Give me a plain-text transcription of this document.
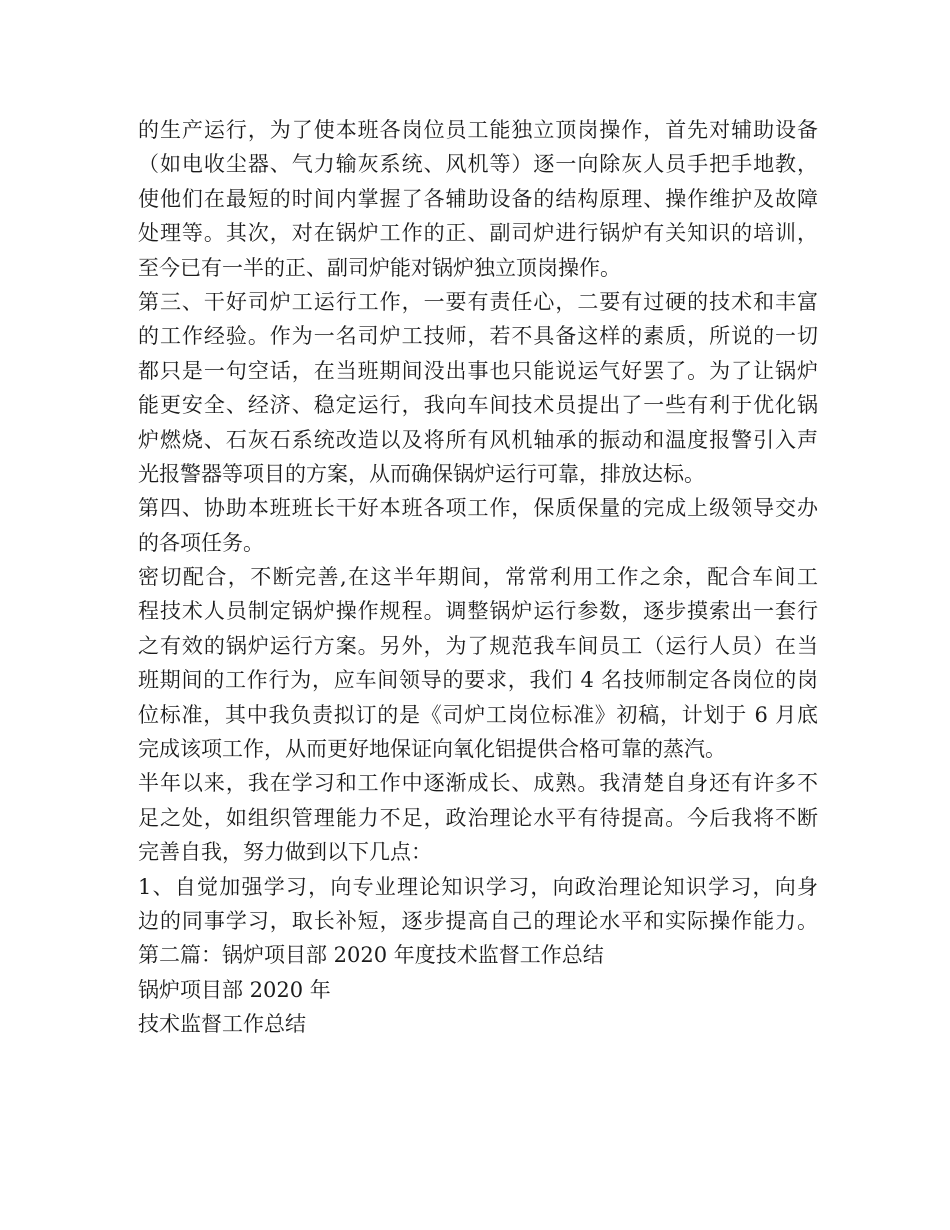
的生产运行，为了使本班各岗位员工能独立顶岗操作，首先对辅助设备
（如电收尘器、气力输灰系统、风机等）逐一向除灰人员手把手地教，
使他们在最短的时间内掌握了各辅助设备的结构原理、操作维护及故障
处理等。其次，对在锅炉工作的正、副司炉进行锅炉有关知识的培训，
至今已有一半的正、副司炉能对锅炉独立顶岗操作。
第三、干好司炉工运行工作，一要有责任心，二要有过硬的技术和丰富
的工作经验。作为一名司炉工技师，若不具备这样的素质，所说的一切
都只是一句空话，在当班期间没出事也只能说运气好罢了。为了让锅炉
能更安全、经济、稳定运行，我向车间技术员提出了一些有利于优化锅
炉燃烧、石灰石系统改造以及将所有风机轴承的振动和温度报警引入声
光报警器等项目的方案，从而确保锅炉运行可靠，排放达标。
第四、协助本班班长干好本班各项工作，保质保量的完成上级领导交办
的各项任务。
密切配合，不断完善,在这半年期间，常常利用工作之余，配合车间工
程技术人员制定锅炉操作规程。调整锅炉运行参数，逐步摸索出一套行
之有效的锅炉运行方案。另外，为了规范我车间员工（运行人员）在当
班期间的工作行为，应车间领导的要求，我们 4 名技师制定各岗位的岗
位标准，其中我负责拟订的是《司炉工岗位标准》初稿，计划于 6 月底
完成该项工作，从而更好地保证向氧化铝提供合格可靠的蒸汽。
半年以来，我在学习和工作中逐渐成长、成熟。我清楚自身还有许多不
足之处，如组织管理能力不足，政治理论水平有待提高。今后我将不断
完善自我，努力做到以下几点：
1、自觉加强学习，向专业理论知识学习，向政治理论知识学习，向身
边的同事学习，取长补短，逐步提高自己的理论水平和实际操作能力。
第二篇：锅炉项目部 2020 年度技术监督工作总结
锅炉项目部 2020 年
技术监督工作总结
